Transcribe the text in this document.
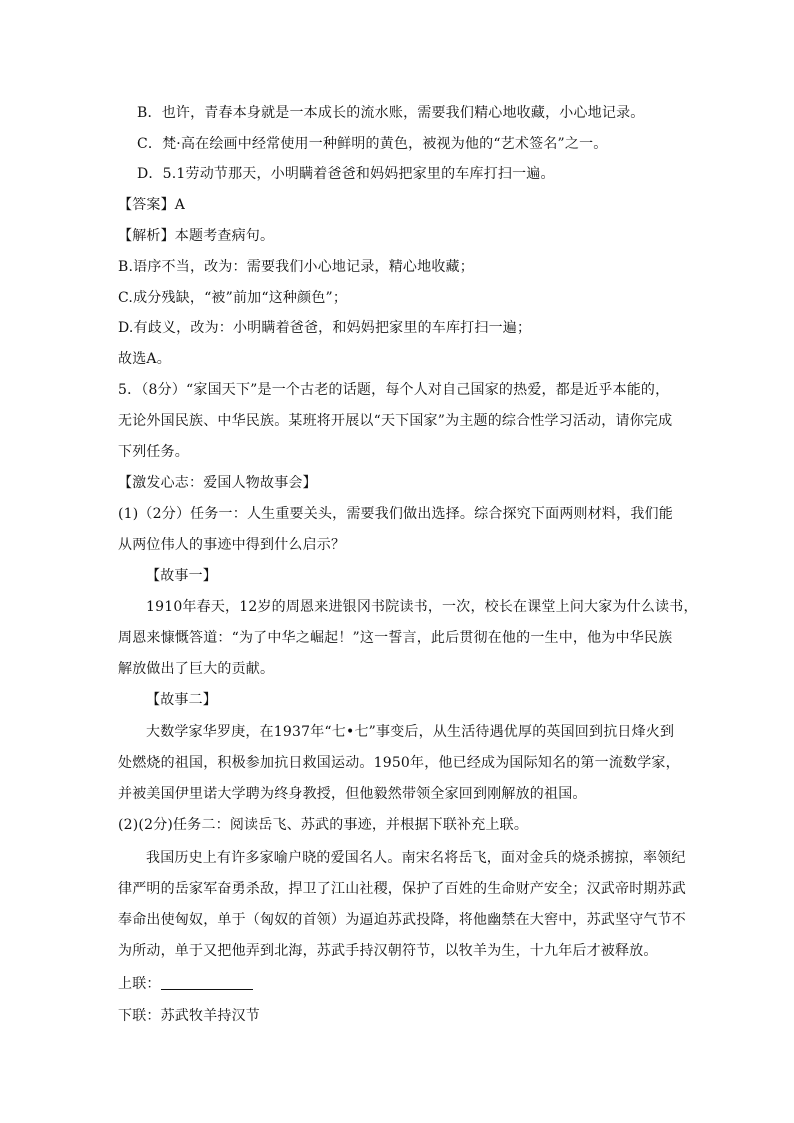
B．也许，青春本身就是一本成长的流水账，需要我们精心地收藏，小心地记录。
C．梵·高在绘画中经常使用一种鲜明的黄色，被视为他的“艺术签名”之一。
D．5.1劳动节那天，小明瞒着爸爸和妈妈把家里的车库打扫一遍。
【答案】A
【解析】本题考查病句。
B.语序不当，改为：需要我们小心地记录，精心地收藏；
C.成分残缺，“被”前加“这种颜色”；
D.有歧义，改为：小明瞒着爸爸，和妈妈把家里的车库打扫一遍；
故选A。
5．（8分）“家国天下”是一个古老的话题，每个人对自己国家的热爱，都是近乎本能的，
无论外国民族、中华民族。某班将开展以“天下国家”为主题的综合性学习活动，请你完成
下列任务。
【激发心志：爱国人物故事会】
(1)（2分）任务一：人生重要关头，需要我们做出选择。综合探究下面两则材料，我们能
从两位伟人的事迹中得到什么启示？
【故事一】
1910年春天，12岁的周恩来进银冈书院读书，一次，校长在课堂上问大家为什么读书，
周恩来慷慨答道：“为了中华之崛起！”这一誓言，此后贯彻在他的一生中，他为中华民族
解放做出了巨大的贡献。
【故事二】
大数学家华罗庚，在1937年“七•七”事变后，从生活待遇优厚的英国回到抗日烽火到
处燃烧的祖国，积极参加抗日救国运动。1950年，他已经成为国际知名的第一流数学家，
并被美国伊里诺大学聘为终身教授，但他毅然带领全家回到刚解放的祖国。
(2)(2分)任务二：阅读岳飞、苏武的事迹，并根据下联补充上联。
我国历史上有许多家喻户晓的爱国名人。南宋名将岳飞，面对金兵的烧杀掳掠，率领纪
律严明的岳家军奋勇杀敌，捍卫了江山社稷，保护了百姓的生命财产安全；汉武帝时期苏武
奉命出使匈奴，单于（匈奴的首领）为逼迫苏武投降，将他幽禁在大窖中，苏武坚守气节不
为所动，单于又把他弄到北海，苏武手持汉朝符节，以牧羊为生，十九年后才被释放。
上联：
下联：苏武牧羊持汉节
